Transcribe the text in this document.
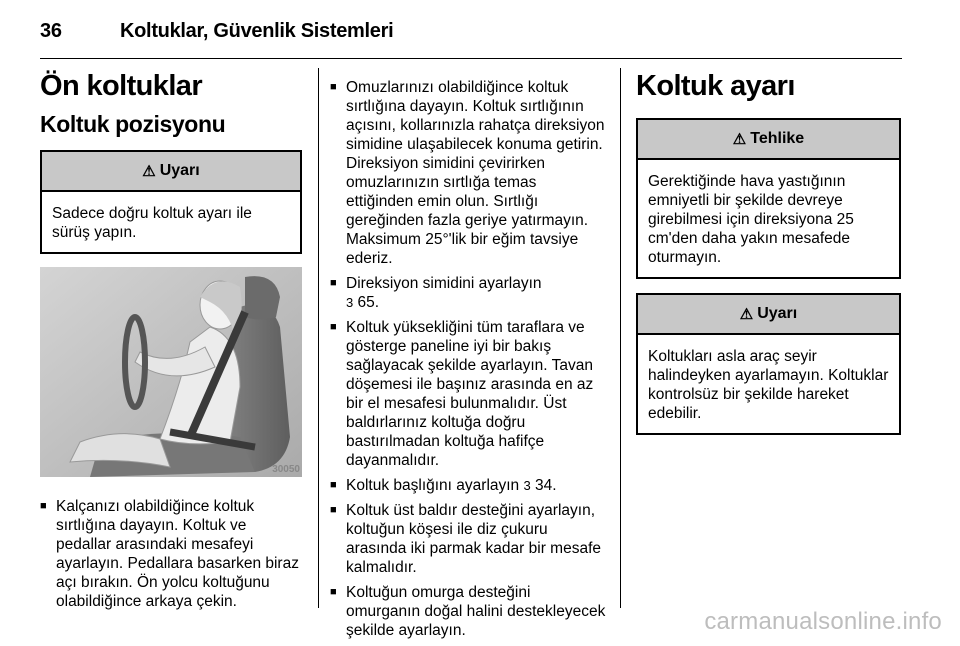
36	Koltuklar, Güvenlik Sistemleri
Ön koltuklar
Koltuk pozisyonu
⚠ Uyarı
Sadece doğru koltuk ayarı ile sürüş yapın.
30050
■ Kalçanızı olabildiğince koltuk sırtlığına dayayın. Koltuk ve pedallar arasındaki mesafeyi ayarlayın. Pedallara basarken biraz açı bırakın. Ön yolcu koltuğunu olabildiğince arkaya çekin.
■ Omuzlarınızı olabildiğince koltuk sırtlığına dayayın. Koltuk sırtlığının açısını, kollarınızla rahatça direksiyon simidine ulaşabilecek konuma getirin. Direksiyon simidini çevirirken omuzlarınızın sırtlığa temas ettiğinden emin olun. Sırtlığı gereğinden fazla geriye yatırmayın. Maksimum 25°'lik bir eğim tavsiye ederiz.
■ Direksiyon simidini ayarlayın
3 65.
■ Koltuk yüksekliğini tüm taraflara ve gösterge paneline iyi bir bakış sağlayacak şekilde ayarlayın. Tavan döşemesi ile başınız arasında en az bir el mesafesi bulunmalıdır. Üst baldırlarınız koltuğa doğru bastırılmadan koltuğa hafifçe dayanmalıdır.
■ Koltuk başlığını ayarlayın 3 34.
■ Koltuk üst baldır desteğini ayarlayın, koltuğun köşesi ile diz çukuru arasında iki parmak kadar bir mesafe kalmalıdır.
■ Koltuğun omurga desteğini omurganın doğal halini destekleyecek şekilde ayarlayın.
Koltuk ayarı
⚠ Tehlike
Gerektiğinde hava yastığının emniyetli bir şekilde devreye girebilmesi için direksiyona 25 cm'den daha yakın mesafede oturmayın.
⚠ Uyarı
Koltukları asla araç seyir halindeyken ayarlamayın. Koltuklar kontrolsüz bir şekilde hareket edebilir.
carmanualsonline.info
